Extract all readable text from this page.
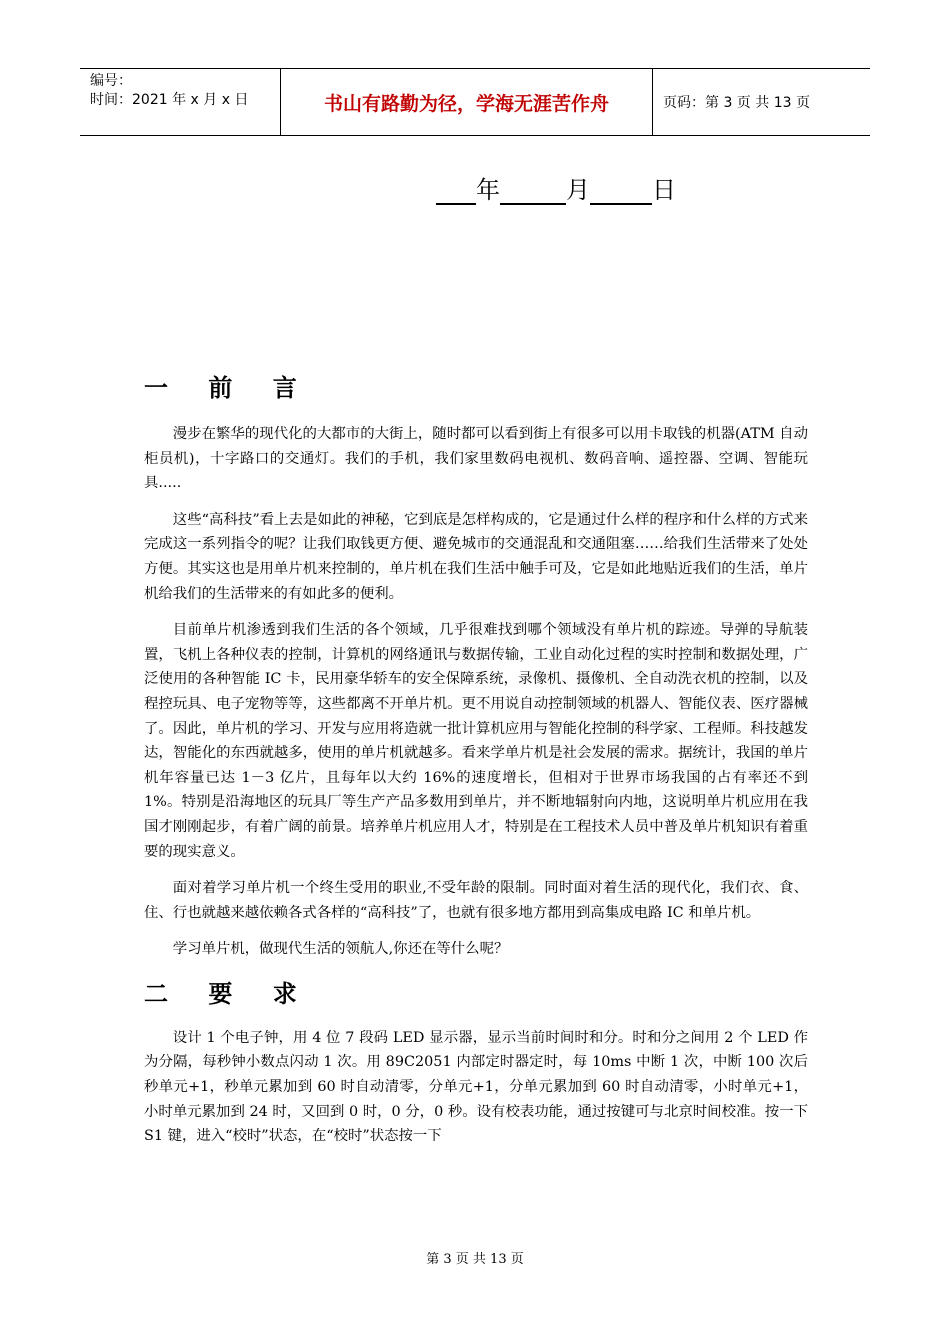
编号：
时间：2021 年 x 月 x 日	书山有路勤为径，学海无涯苦作舟	页码：第 3 页 共 13 页
年	月	日
一 前 言

漫步在繁华的现代化的大都市的大街上，随时都可以看到街上有很多可以用卡取钱的机器(ATM 自动柜员机)，十字路口的交通灯。我们的手机，我们家里数码电视机、数码音响、遥控器、空调、智能玩具.....

这些“高科技”看上去是如此的神秘，它到底是怎样构成的，它是通过什么样的程序和什么样的方式来完成这一系列指令的呢？让我们取钱更方便、避免城市的交通混乱和交通阻塞……给我们生活带来了处处方便。其实这也是用单片机来控制的，单片机在我们生活中触手可及，它是如此地贴近我们的生活，单片机给我们的生活带来的有如此多的便利。

目前单片机渗透到我们生活的各个领域，几乎很难找到哪个领域没有单片机的踪迹。导弹的导航装置，飞机上各种仪表的控制，计算机的网络通讯与数据传输，工业自动化过程的实时控制和数据处理，广泛使用的各种智能 IC 卡，民用豪华轿车的安全保障系统，录像机、摄像机、全自动洗衣机的控制，以及程控玩具、电子宠物等等，这些都离不开单片机。更不用说自动控制领域的机器人、智能仪表、医疗器械了。因此，单片机的学习、开发与应用将造就一批计算机应用与智能化控制的科学家、工程师。科技越发达，智能化的东西就越多，使用的单片机就越多。看来学单片机是社会发展的需求。据统计，我国的单片机年容量已达 1－3 亿片，且每年以大约 16%的速度增长，但相对于世界市场我国的占有率还不到 1%。特别是沿海地区的玩具厂等生产产品多数用到单片，并不断地辐射向内地，这说明单片机应用在我国才刚刚起步，有着广阔的前景。培养单片机应用人才，特别是在工程技术人员中普及单片机知识有着重要的现实意义。

面对着学习单片机一个终生受用的职业,不受年龄的限制。同时面对着生活的现代化，我们衣、食、住、行也就越来越依赖各式各样的“高科技”了，也就有很多地方都用到高集成电路 IC 和单片机。

学习单片机，做现代生活的领航人,你还在等什么呢？

二 要 求

设计 1 个电子钟，用 4 位 7 段码 LED 显示器，显示当前时间时和分。时和分之间用 2 个 LED 作为分隔，每秒钟小数点闪动 1 次。用 89C2051 内部定时器定时，每 10ms 中断 1 次，中断 100 次后秒单元+1，秒单元累加到 60 时自动清零，分单元+1，分单元累加到 60 时自动清零，小时单元+1，小时单元累加到 24 时，又回到 0 时，0 分，0 秒。设有校表功能，通过按键可与北京时间校准。按一下 S1 键，进入“校时”状态，在“校时”状态按一下

第 3 页 共 13 页
